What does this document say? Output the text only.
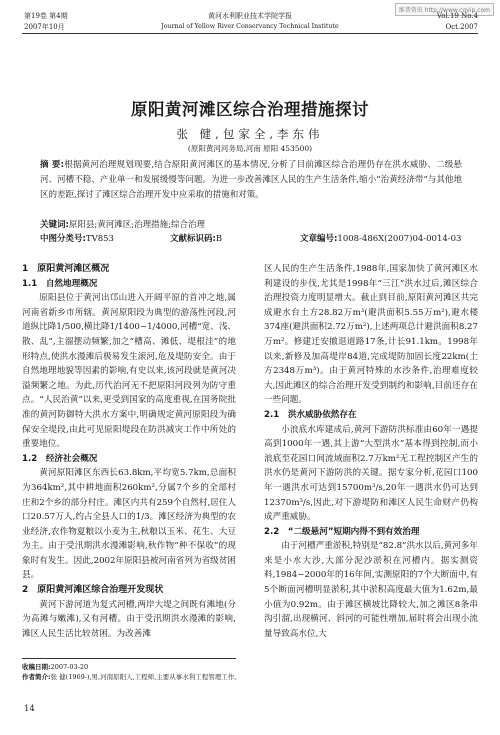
维普资讯 http://www.cqvip.com
第19卷 第4期
2007年10月
黄河水利职业技术学院学报
Journal of Yellow River Conservancy Technical Institute
Vol.19 No.4
Oct.2007
原阳黄河滩区综合治理措施探讨
张 健,包家全,李东伟
(原阳黄河河务局,河南 原阳 453500)
摘 要:根据黄河治理规划现要,结合原阳黄河滩区的基本情况,分析了目前滩区综合治理仍存在洪水威胁、二级悬河、河槽不稳、产业单一和发展缓慢等问题。为进一步改善滩区人民的生产生活条件,缩小“治黄经济带”与其他地区的差距,探讨了滩区综合治理开发中应采取的措施和对策。
关键词:原阳县;黄河滩区;治理措施;综合治理
中图分类号:TV853	文献标识码:B	文章编号:1008-486X(2007)04-0014-03
1　原阳黄河滩区概况
1.1　自然地理概况

原阳县位于黄河出邙山进入开阔平原的首冲之地,属河南省新乡市所辖。黄河原阳段为典型的游荡性河段,河道纵比降1/500,横比降1/1400~1/4000,河槽“宽、浅、散、乱”,主溜摆动频繁,加之“槽高、滩低、堤根洼”的地形特点,使洪水漫滩后极易发生滚河,危及堤防安全。由于自然地理地貌等因素的影响,有史以来,该河段就是黄河决溢频繁之地。为此,历代治河无不把原阳河段列为防守重点。“人民治黄”以来,更受到国家的高度重视,在国务院批准的黄河防御特大洪水方案中,明确规定黄河原阳段为确保安全堤段,由此可见原阳堤段在防洪减灾工作中所处的重要地位。

1.2　经济社会概况

黄河原阳滩区东西长63.8km,平均宽5.7km,总面积为364km²,其中耕地面积260km²,分属7个乡的全部村庄和2个乡的部分村庄。滩区内共有259个自然村,居住人口20.57万人,约占全县人口的1/3。滩区经济为典型的农业经济,农作物夏粮以小麦为主,秋粮以玉米、花生、大豆为主。由于受汛期洪水漫滩影响,秋作物“种不保收”的现象时有发生。因此,2002年原阳县被河南省列为省级贫困县。

2　原阳黄河滩区综合治理开发现状

黄河下游河道为复式河槽,两岸大堤之间既有滩地(分为高滩与嫩滩),又有河槽。由于受汛期洪水漫滩的影响,滩区人民生活比较贫困。为改善滩

区人民的生产生活条件,1988年,国家加快了黄河滩区水利建设的步伐,尤其是1998年“三江”洪水过后,滩区综合治理投资力度明显增大。截止到目前,原阳黄河滩区共完成避水台土方28.82万m³(避洪面积5.55万m²),避水楼374座(避洪面积2.72万m²),上述两项总计避洪面积8.27万m²。修建迁安撤退道路17条,计长91.1km。1998年以来,新修及加高堤岸84道,完成堤防加固长度22km(土方2348万m³)。由于黄河特殊的水沙条件,治理难度较大,因此滩区的综合治理开发受到制约和影响,目前还存在一些问题。

2.1　洪水威胁依然存在

小浪底水库建成后,黄河下游防洪标准由60年一遇提高到1000年一遇,其上游“大型洪水”基本得到控制,而小浪底至花园口间流域面积2.7万km²无工程控制区产生的洪水仍是黄河下游防洪的关键。据专家分析,花园口100年一遇洪水可达到15700m³/s,20年一遇洪水仍可达到12370m³/s,因此,对下游堤防和滩区人民生命财产仍构成严重威胁。

2.2　“二级悬河”短期内得不到有效治理

由于河槽严重淤积,特别是“82.8”洪水以后,黄河多年来是小水大沙,大部分泥沙淤积在河槽内。据实测资料,1984~2000年的16年间,实测原阳的7个大断面中,有5个断面河槽明显淤积,其中淤积高度最大值为1.62m,最小值为0.92m。由于滩区横坡比降较大,加之滩区8条串沟引溜,出现横河、斜河的可能性增加,届时将会出现小流量导致高水位,大

收稿日期:2007-03-20
作者简介:张 健(1969-),男,河南原阳人,工程师,主要从事水利工程管理工作。
14
